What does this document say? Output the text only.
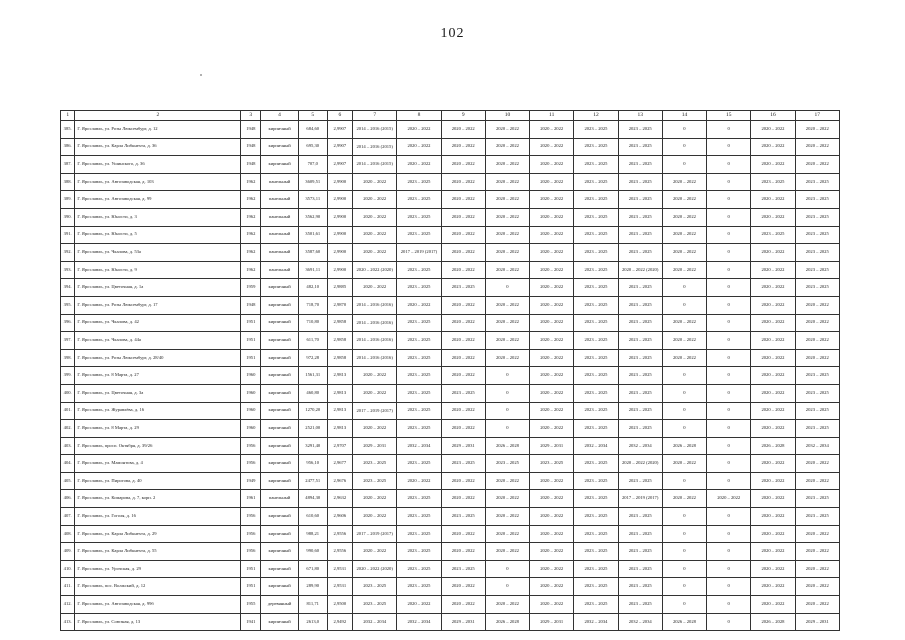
102
1	2	3	4	5	6	7	8	9	10	11	12	13	14	15	16	17
385.	Г. Ярославль, ул. Розы Люксембург, д. 12	1948	кирпичный	684,60	2,9907	2014 – 2016 (2015)	2020 – 2022	2020 – 2022	2020 – 2022	2020 – 2022	2023 – 2025	2023 – 2025	0	0	2020 – 2022	2020 – 2022
386.	Г. Ярославль, ул. Карла Либкнехта, д. 36	1948	кирпичный	695,30	2,9907	2014 – 2016 (2015)	2020 – 2022	2020 – 2022	2020 – 2022	2020 – 2022	2023 – 2025	2023 – 2025	0	0	2020 – 2022	2020 – 2022
387.	Г. Ярославль, ул. Ушинского, д. 36	1948	кирпичный	707,0	2,9907	2014 – 2016 (2015)	2020 – 2022	2020 – 2022	2020 – 2022	2020 – 2022	2023 – 2025	2023 – 2025	0	0	2020 – 2022	2020 – 2022
388.	Г. Ярославль, ул. Автозаводская, д. 103	1962	панельный	3609,51	2,9900	2020 – 2022	2023 – 2025	2020 – 2022	2020 – 2022	2020 – 2022	2023 – 2025	2023 – 2025	2020 – 2022	0	2023 – 2025	2023 – 2025
389.	Г. Ярославль, ул. Автозаводская, д. 99	1962	панельный	3573,11	2,9900	2020 – 2022	2023 – 2025	2020 – 2022	2020 – 2022	2020 – 2022	2023 – 2025	2023 – 2025	2020 – 2022	0	2020 – 2022	2023 – 2025
390.	Г. Ярославль, ул. Юности, д. 3	1962	панельный	3562,90	2,9900	2020 – 2022	2023 – 2025	2020 – 2022	2020 – 2022	2020 – 2022	2023 – 2025	2023 – 2025	2020 – 2022	0	2020 – 2022	2023 – 2025
391.	Г. Ярославль, ул. Юности, д. 5	1962	панельный	3501,61	2,9900	2020 – 2022	2023 – 2025	2020 – 2022	2020 – 2022	2020 – 2022	2023 – 2025	2023 – 2025	2020 – 2022	0	2023 – 2025	2023 – 2025
392.	Г. Ярославль, ул. Чкалова, д. 53а	1962	панельный	3587,60	2,9900	2020 – 2022	2017 – 2019 (2017)	2020 – 2022	2020 – 2022	2020 – 2022	2023 – 2025	2023 – 2025	2020 – 2022	0	2020 – 2022	2023 – 2025
393.	Г. Ярославль, ул. Юности, д. 9	1962	панельный	3691,11	2,9900	2020 – 2022 (2020)	2023 – 2025	2020 – 2022	2020 – 2022	2020 – 2022	2023 – 2025	2020 – 2022 (2020)	2020 – 2022	0	2020 – 2022	2023 – 2025
394.	Г. Ярославль, ул. Цветочная, д. 1а	1959	кирпичный	482,10	2,9885	2020 – 2022	2023 – 2025	2023 – 2025	0	2020 – 2022	2023 – 2025	2023 – 2025	0	0	2020 – 2022	2023 – 2025
395.	Г. Ярославль, ул. Розы Люксембург, д. 17	1948	кирпичный	718,70	2,9870	2014 – 2016 (2016)	2020 – 2022	2020 – 2022	2020 – 2022	2020 – 2022	2023 – 2025	2023 – 2025	0	0	2020 – 2022	2020 – 2022
396.	Г. Ярославль, ул. Чкалова, д. 42	1951	кирпичный	710,80	2,9858	2014 – 2016 (2016)	2023 – 2025	2020 – 2022	2020 – 2022	2020 – 2022	2023 – 2025	2023 – 2025	2020 – 2022	0	2020 – 2022	2020 – 2022
397.	Г. Ярославль, ул. Чкалова, д. 44а	1951	кирпичный	611,70	2,9858	2014 – 2016 (2016)	2023 – 2025	2020 – 2022	2020 – 2022	2020 – 2022	2023 – 2025	2023 – 2025	2020 – 2022	0	2020 – 2022	2020 – 2022
398.	Г. Ярославль, ул. Розы Люксембург, д. 28/40	1951	кирпичный	972,28	2,9858	2014 – 2016 (2016)	2023 – 2025	2020 – 2022	2020 – 2022	2020 – 2022	2023 – 2025	2023 – 2025	2020 – 2022	0	2020 – 2022	2020 – 2022
399.	Г. Ярославль, ул. 8 Марта, д. 27	1960	кирпичный	1561,31	2,9813	2020 – 2022	2023 – 2025	2020 – 2022	0	2020 – 2022	2023 – 2025	2023 – 2025	0	0	2020 – 2022	2023 – 2025
400.	Г. Ярославль, ул. Цветочная, д. 3а	1960	кирпичный	460,80	2,9813	2020 – 2022	2023 – 2025	2023 – 2025	0	2020 – 2022	2023 – 2025	2023 – 2025	0	0	2020 – 2022	2023 – 2025
401.	Г. Ярославль, ул. Журавлёва, д. 16	1960	кирпичный	1270,20	2,9813	2017 – 2019 (2017)	2023 – 2025	2020 – 2022	0	2020 – 2022	2023 – 2025	2023 – 2025	0	0	2020 – 2022	2023 – 2025
402.	Г. Ярославль, ул. 8 Марта, д. 29	1960	кирпичный	2521,00	2,9813	2020 – 2022	2023 – 2025	2020 – 2022	0	2020 – 2022	2023 – 2025	2023 – 2025	0	0	2020 – 2022	2023 – 2025
403.	Г. Ярославль, просп. Октября, д. 39/26	1956	кирпичный	3291,40	2,9707	2029 – 2031	2032 – 2034	2029 – 2031	2026 – 2028	2029 – 2031	2032 – 2034	2032 – 2034	2026 – 2028	0	2026 – 2028	2032 – 2034
404.	Г. Ярославль, ул. Мамонтова, д. 4	1956	кирпичный	956,10	2,9677	2023 – 2025	2023 – 2025	2023 – 2025	2023 – 2025	2023 – 2025	2023 – 2025	2020 – 2022 (2020)	2020 – 2022	0	2020 – 2022	2020 – 2022
405.	Г. Ярославль, ул. Пирогова, д. 40	1949	кирпичный	2477,51	2,9676	2023 – 2025	2020 – 2022	2020 – 2022	2020 – 2022	2020 – 2022	2023 – 2025	2023 – 2025	0	0	2020 – 2022	2020 – 2022
406.	Г. Ярославль, ул. Комарова, д. 7, корп. 2	1961	панельный	4894,30	2,9632	2020 – 2022	2023 – 2025	2020 – 2022	2020 – 2022	2020 – 2022	2023 – 2025	2017 – 2019 (2017)	2020 – 2022	2020 – 2022	2020 – 2022	2023 – 2025
407.	Г. Ярославль, ул. Гоголя, д. 16	1956	кирпичный	610,60	2,9606	2020 – 2022	2023 – 2025	2023 – 2025	2020 – 2022	2020 – 2022	2023 – 2025	2023 – 2025	0	0	2020 – 2022	2023 – 2025
408.	Г. Ярославль, ул. Карла Либкнехта, д. 29	1956	кирпичный	988,21	2,9556	2017 – 2019 (2017)	2023 – 2025	2020 – 2022	2020 – 2022	2020 – 2022	2023 – 2025	2023 – 2025	0	0	2020 – 2022	2020 – 2022
409.	Г. Ярославль, ул. Карла Либкнехта, д. 55	1956	кирпичный	990,60	2,9556	2020 – 2022	2023 – 2025	2020 – 2022	2020 – 2022	2020 – 2022	2023 – 2025	2023 – 2025	0	0	2020 – 2022	2020 – 2022
410.	Г. Ярославль, ул. Урочская, д. 29	1951	кирпичный	671,80	2,9531	2020 – 2022 (2020)	2023 – 2025	2023 – 2025	0	2020 – 2022	2023 – 2025	2023 – 2025	0	0	2020 – 2022	2020 – 2022
411.	Г. Ярославль, пос. Волжский, д. 12	1951	кирпичный	289,90	2,9531	2023 – 2025	2023 – 2025	2020 – 2022	0	2020 – 2022	2023 – 2025	2023 – 2025	0	0	2020 – 2022	2020 – 2022
412.	Г. Ярославль, ул. Автозаводская, д. 99б	1955	деревянный	811,71	2,9500	2023 – 2025	2020 – 2022	2020 – 2022	2020 – 2022	2020 – 2022	2023 – 2025	2023 – 2025	0	0	2020 – 2022	2020 – 2022
413.	Г. Ярославль, ул. Союзная, д. 13	1941	кирпичный	2613,0	2,9492	2032 – 2034	2032 – 2034	2029 – 2031	2026 – 2028	2029 – 2031	2032 – 2034	2032 – 2034	2026 – 2028	0	2026 – 2028	2029 – 2031
